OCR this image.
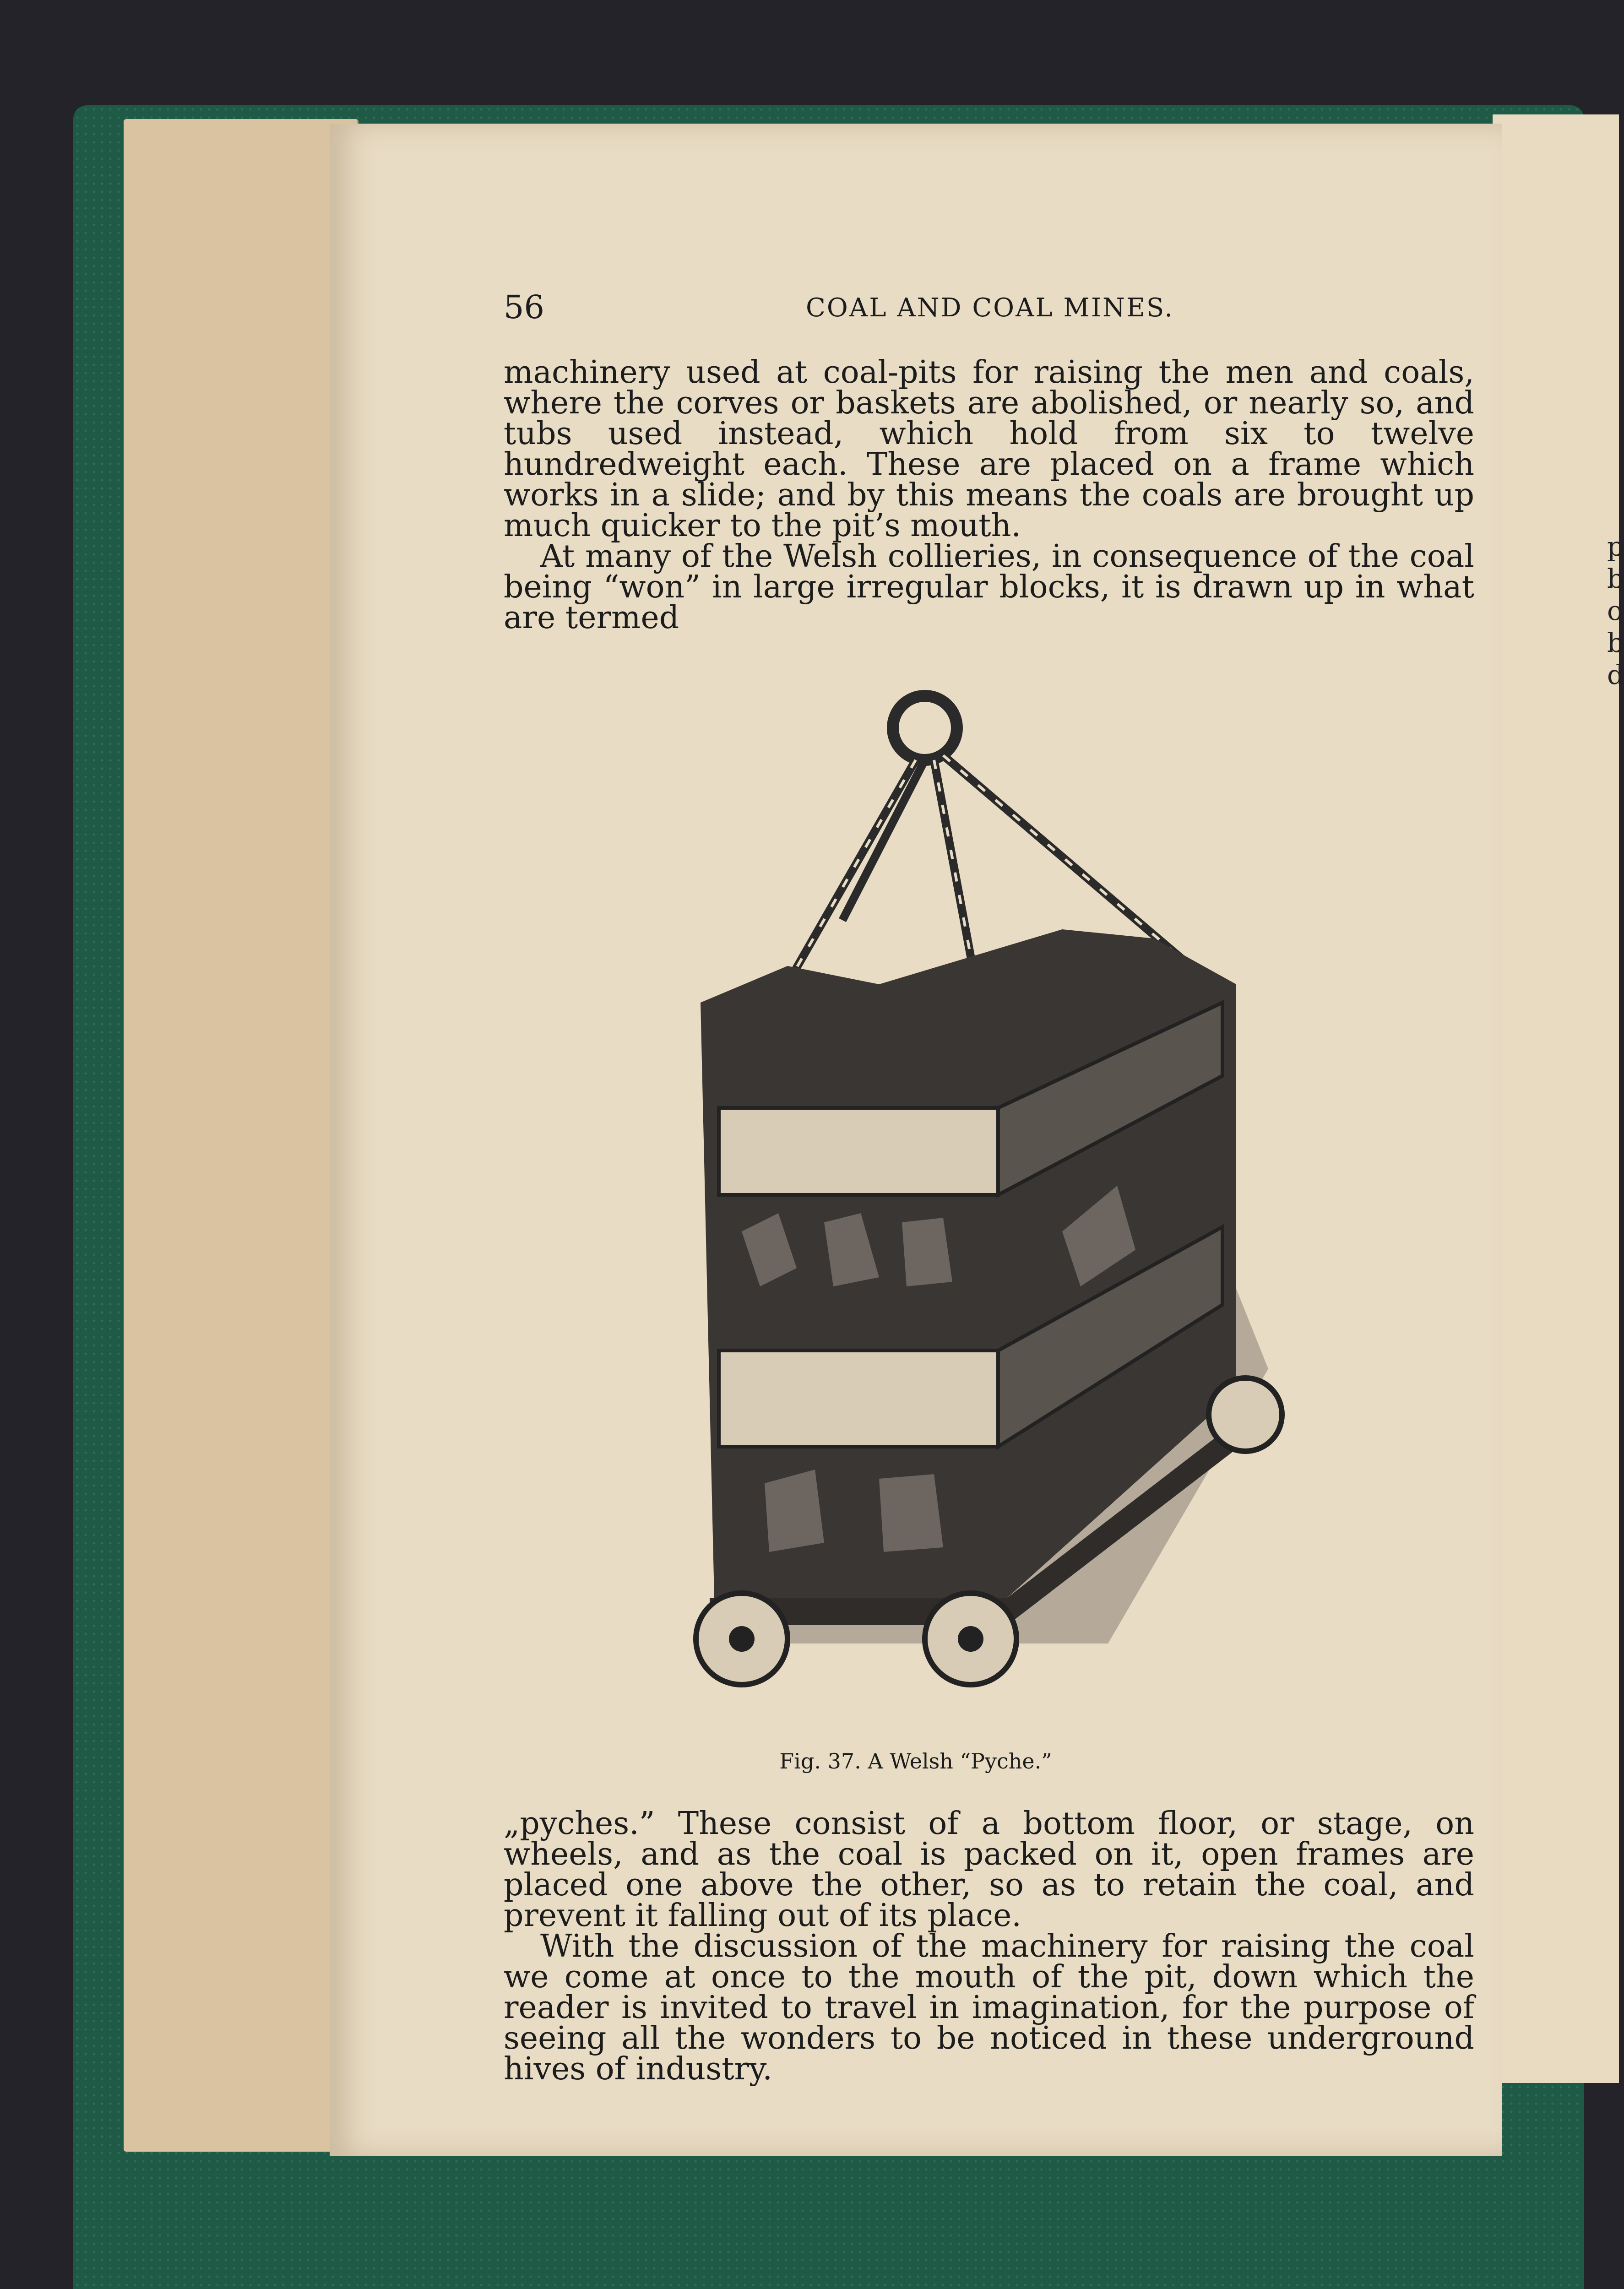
p
b
o
b
d
56	COAL AND COAL MINES.

machinery used at coal-pits for raising the men and coals, where the corves or baskets are abolished, or nearly so, and tubs used instead, which hold from six to twelve hundredweight each. These are placed on a frame which works in a slide; and by this means the coals are brought up much quicker to the pit’s mouth.

At many of the Welsh collieries, in consequence of the coal being “won” in large irregular blocks, it is drawn up in what are termed

Fig. 37. A Welsh “Pyche.”

„pyches.” These consist of a bottom floor, or stage, on wheels, and as the coal is packed on it, open frames are placed one above the other, so as to retain the coal, and prevent it falling out of its place.

With the discussion of the machinery for raising the coal we come at once to the mouth of the pit, down which the reader is invited to travel in imagination, for the purpose of seeing all the wonders to be noticed in these underground hives of industry.
